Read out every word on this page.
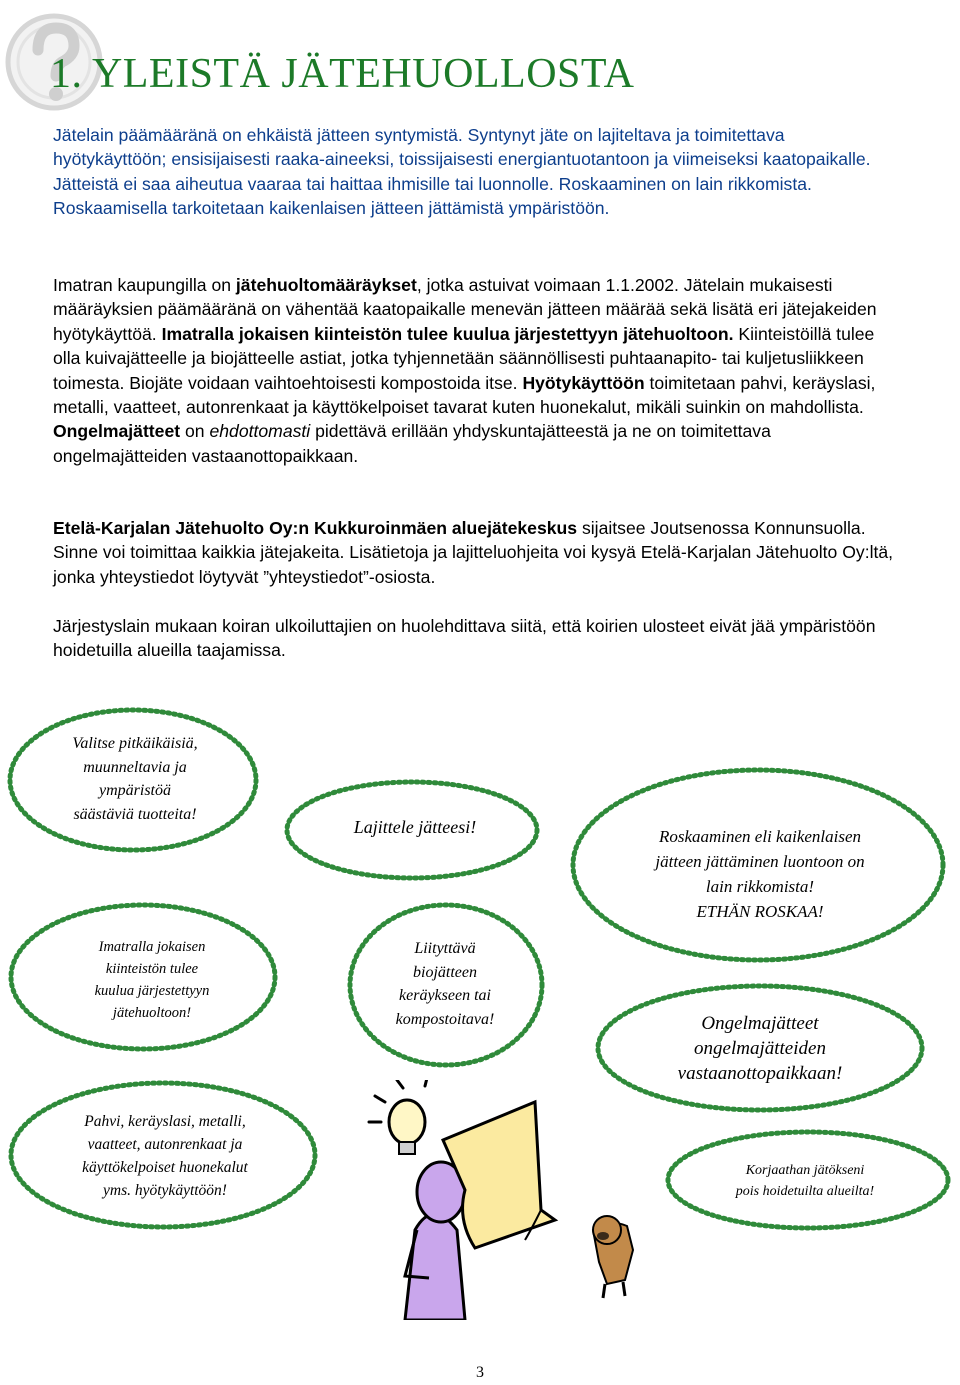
1. YLEISTÄ JÄTEHUOLLOSTA

Jätelain päämääränä on ehkäistä jätteen syntymistä. Syntynyt jäte on lajiteltava ja toimitettava hyötykäyttöön; ensisijaisesti raaka-aineeksi, toissijaisesti energiantuotantoon ja viimeiseksi kaatopaikalle. Jätteistä ei saa aiheutua vaaraa tai haittaa ihmisille tai luonnolle. Roskaaminen on lain rikkomista. Roskaamisella tarkoitetaan kaikenlaisen jätteen jättämistä ympäristöön.

Imatran kaupungilla on jätehuoltomääräykset, jotka astuivat voimaan 1.1.2002. Jätelain mukaisesti määräyksien päämääränä on vähentää kaatopaikalle menevän jätteen määrää sekä lisätä eri jätejakeiden hyötykäyttöä. Imatralla jokaisen kiinteistön tulee kuulua järjestettyyn jätehuoltoon. Kiinteistöillä tulee olla kuivajätteelle ja biojätteelle astiat, jotka tyhjennetään säännöllisesti puhtaanapito- tai kuljetusliikkeen toimesta. Biojäte voidaan vaihtoehtoisesti kompostoida itse. Hyötykäyttöön toimitetaan pahvi, keräyslasi, metalli, vaatteet, autonrenkaat ja käyttökelpoiset tavarat kuten huonekalut, mikäli suinkin on mahdollista. Ongelmajätteet on ehdottomasti pidettävä erillään yhdyskuntajätteestä ja ne on toimitettava ongelmajätteiden vastaanottopaikkaan.

Etelä-Karjalan Jätehuolto Oy:n Kukkuroinmäen aluejätekeskus sijaitsee Joutsenossa Konnunsuolla. Sinne voi toimittaa kaikkia jätejakeita. Lisätietoja ja lajitteluohjeita voi kysyä Etelä-Karjalan Jätehuolto Oy:ltä, jonka yhteystiedot löytyvät ”yhteystiedot”-osiosta.

Järjestyslain mukaan koiran ulkoiluttajien on huolehdittava siitä, että koirien ulosteet eivät jää ympäristöön hoidetuilla alueilla taajamissa.

Valitse pitkäikäisiä,
muunneltavia ja
ympäristöä
säästäviä tuotteita!
Lajittele jätteesi!	Roskaaminen eli kaikenlaisen
jätteen jättäminen luontoon on
lain rikkomista!
ETHÄN ROSKAA!
Imatralla jokaisen
kiinteistön tulee
kuulua järjestettyyn
jätehuoltoon!
Liityttävä
biojätteen
keräykseen tai
kompostoitava!	Ongelmajätteet
ongelmajätteiden
vastaanottopaikkaan!
Pahvi, keräyslasi, metalli,
vaatteet, autonrenkaat ja
käyttökelpoiset huonekalut
yms. hyötykäyttöön!
Korjaathan jätökseni
pois hoidetuilta alueilta!
3
